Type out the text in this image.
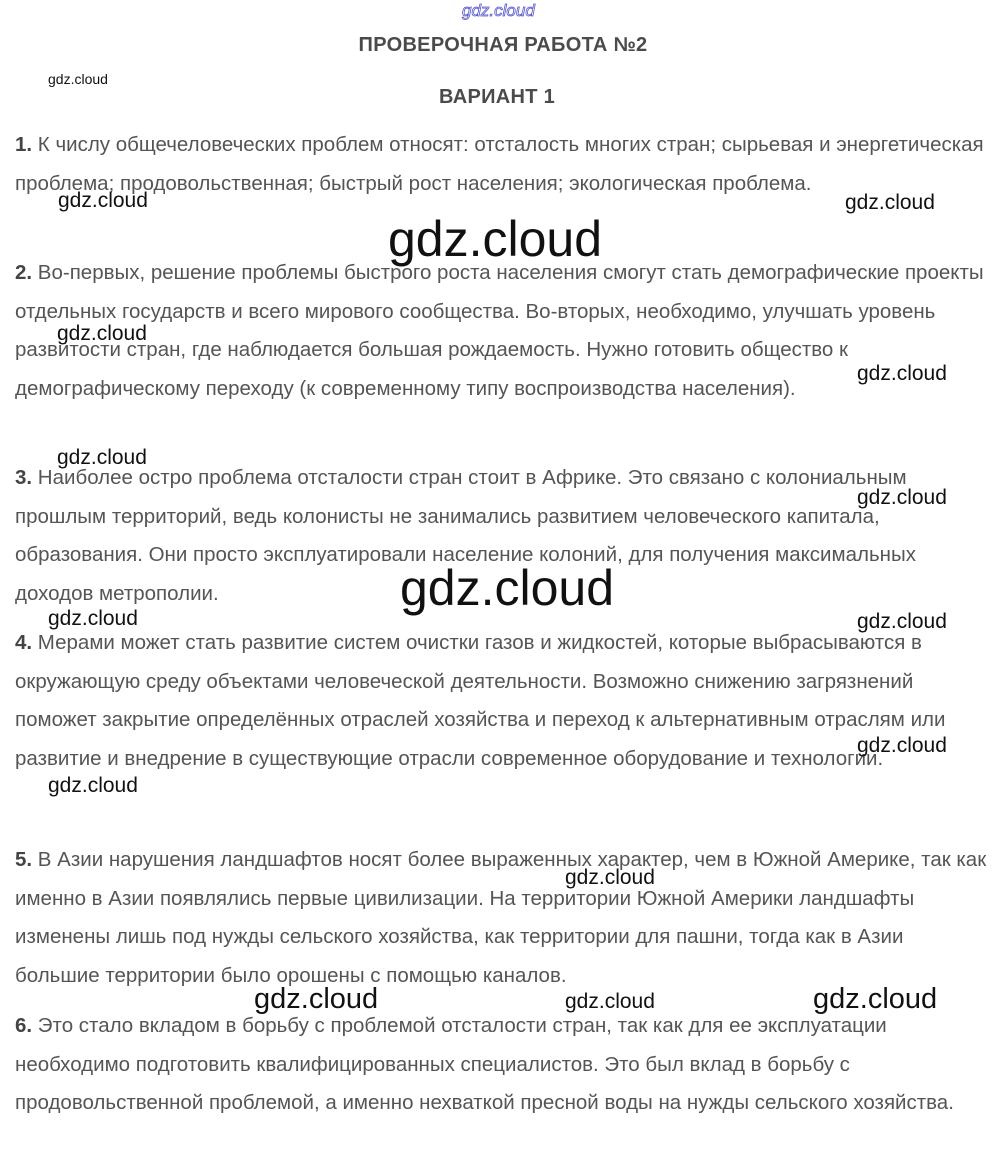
ПРОВЕРОЧНАЯ РАБОТА №2
ВАРИАНТ 1

1. К числу общечеловеческих проблем относят: отсталость многих стран; сырьевая и энергетическая проблема; продовольственная; быстрый рост населения; экологическая проблема.

2. Во-первых, решение проблемы быстрого роста населения смогут стать демографические проекты отдельных государств и всего мирового сообщества. Во-вторых, необходимо, улучшать уровень развитости стран, где наблюдается большая рождаемость. Нужно готовить общество к демографическому переходу (к современному типу воспроизводства населения).

3. Наиболее остро проблема отсталости стран стоит в Африке. Это связано с колониальным прошлым территорий, ведь колонисты не занимались развитием человеческого капитала, образования. Они просто эксплуатировали население колоний, для получения максимальных доходов метрополии.

4. Мерами может стать развитие систем очистки газов и жидкостей, которые выбрасываются в окружающую среду объектами человеческой деятельности. Возможно снижению загрязнений поможет закрытие определённых отраслей хозяйства и переход к альтернативным отраслям или развитие и внедрение в существующие отрасли современное оборудование и технологии.

5. В Азии нарушения ландшафтов носят более выраженных характер, чем в Южной Америке, так как именно в Азии появлялись первые цивилизации. На территории Южной Америки ландшафты изменены лишь под нужды сельского хозяйства, как территории для пашни, тогда как в Азии большие территории было орошены с помощью каналов.

6. Это стало вкладом в борьбу с проблемой отсталости стран, так как для ее эксплуатации необходимо подготовить квалифицированных специалистов. Это был вклад в борьбу с продовольственной проблемой, а именно нехваткой пресной воды на нужды сельского хозяйства.

gdz.cloud
gdz.cloud
gdz.cloud	gdz.cloud
gdz.cloud
gdz.cloud
gdz.cloud
gdz.cloud
gdz.cloud
gdz.cloud
gdz.cloud	gdz.cloud
gdz.cloud
gdz.cloud
gdz.cloud
gdz.cloud	gdz.cloud	gdz.cloud
